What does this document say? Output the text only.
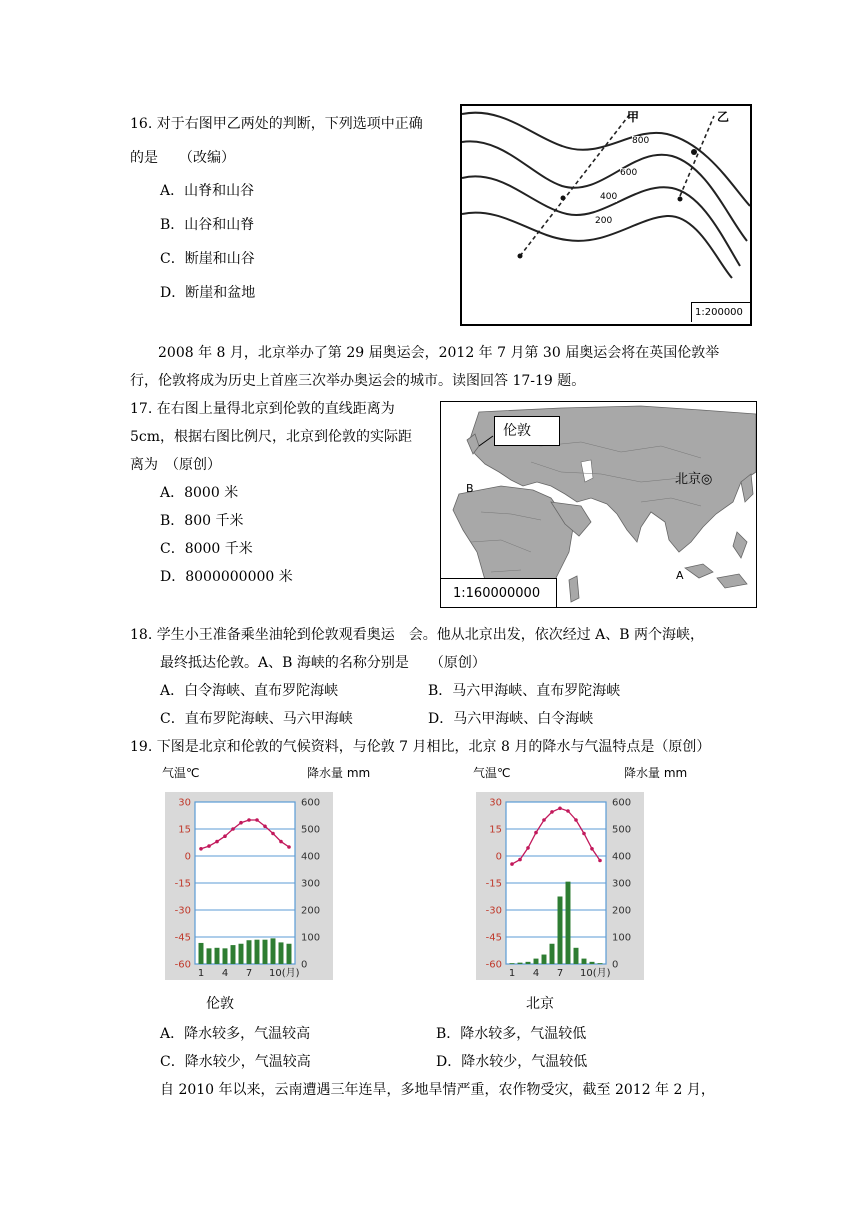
16. 对于右图甲乙两处的判断，下列选项中正确
的是　　（改编）
A．山脊和山谷
B．山谷和山脊
C．断崖和山谷
D．断崖和盆地
甲	乙
800
600
400
200
1:200000
2008 年 8 月，北京举办了第 29 届奥运会，2012 年 7 月第 30 届奥运会将在英国伦敦举
行，伦敦将成为历史上首座三次举办奥运会的城市。读图回答 17-19 题。
17. 在右图上量得北京到伦敦的直线距离为
5cm，根据右图比例尺，北京到伦敦的实际距
离为　（原创）
A．8000 米
B．800 千米
C．8000 千米
D．8000000000 米
伦敦
北京◎
B
A
1:160000000
18. 学生小王准备乘坐油轮到伦敦观看奥运　会。他从北京出发，依次经过 A、B 两个海峡，
最终抵达伦敦。A、B 海峡的名称分别是　　（原创）
A．白令海峡、直布罗陀海峡	B．马六甲海峡、直布罗陀海峡
C．直布罗陀海峡、马六甲海峡	D．马六甲海峡、白令海峡
19. 下图是北京和伦敦的气候资料，与伦敦 7 月相比，北京 8 月的降水与气温特点是（原创）
气温℃	降水量 mm	气温℃	降水量 mm
30
15
0
-15
-30
-45
-60
600
500
400
300
200
100
0
1 4 7 10(月)
30
15
0
-15
-30
-45
-60
600
500
400
300
200
100
0
1 4 7 10(月)
伦敦	北京
A．降水较多，气温较高	B．降水较多，气温较低
C．降水较少，气温较高	D．降水较少，气温较低
自 2010 年以来，云南遭遇三年连旱，多地旱情严重，农作物受灾，截至 2012 年 2 月，
